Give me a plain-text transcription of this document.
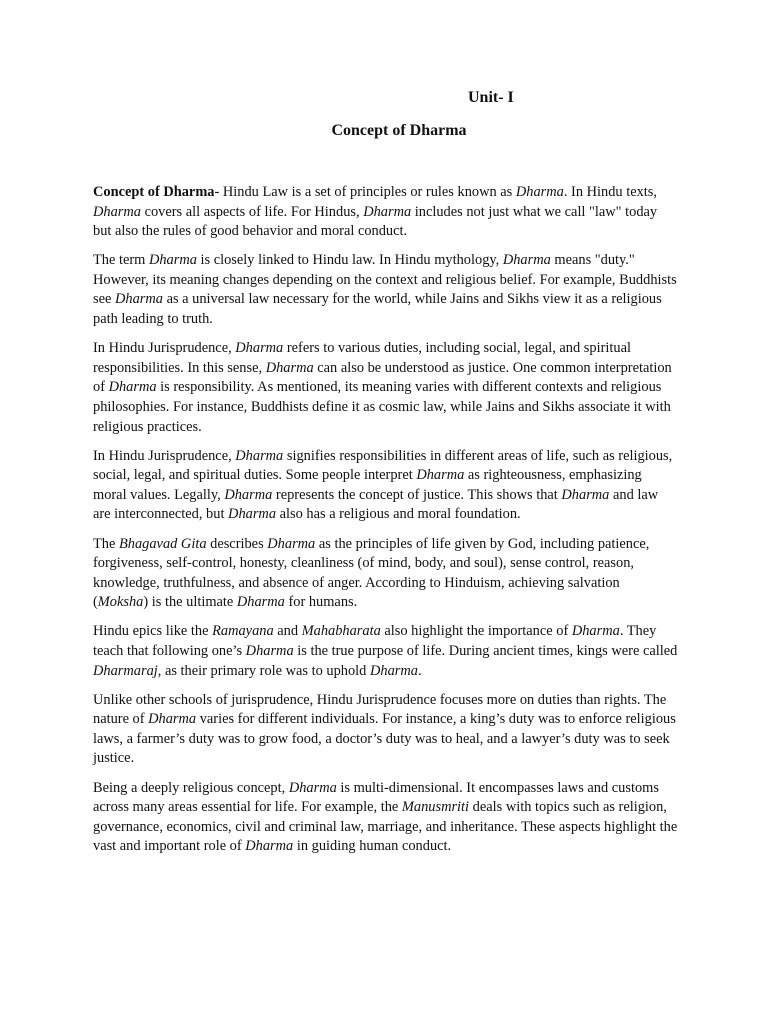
Unit- I
Concept of Dharma

Concept of Dharma- Hindu Law is a set of principles or rules known as Dharma. In Hindu texts, Dharma covers all aspects of life. For Hindus, Dharma includes not just what we call "law" today but also the rules of good behavior and moral conduct.

The term Dharma is closely linked to Hindu law. In Hindu mythology, Dharma means "duty." However, its meaning changes depending on the context and religious belief. For example, Buddhists see Dharma as a universal law necessary for the world, while Jains and Sikhs view it as a religious path leading to truth.

In Hindu Jurisprudence, Dharma refers to various duties, including social, legal, and spiritual responsibilities. In this sense, Dharma can also be understood as justice. One common interpretation of Dharma is responsibility. As mentioned, its meaning varies with different contexts and religious philosophies. For instance, Buddhists define it as cosmic law, while Jains and Sikhs associate it with religious practices.

In Hindu Jurisprudence, Dharma signifies responsibilities in different areas of life, such as religious, social, legal, and spiritual duties. Some people interpret Dharma as righteousness, emphasizing moral values. Legally, Dharma represents the concept of justice. This shows that Dharma and law are interconnected, but Dharma also has a religious and moral foundation.

The Bhagavad Gita describes Dharma as the principles of life given by God, including patience, forgiveness, self-control, honesty, cleanliness (of mind, body, and soul), sense control, reason, knowledge, truthfulness, and absence of anger. According to Hinduism, achieving salvation (Moksha) is the ultimate Dharma for humans.

Hindu epics like the Ramayana and Mahabharata also highlight the importance of Dharma. They teach that following one’s Dharma is the true purpose of life. During ancient times, kings were called Dharmaraj, as their primary role was to uphold Dharma.

Unlike other schools of jurisprudence, Hindu Jurisprudence focuses more on duties than rights. The nature of Dharma varies for different individuals. For instance, a king’s duty was to enforce religious laws, a farmer’s duty was to grow food, a doctor’s duty was to heal, and a lawyer’s duty was to seek justice.

Being a deeply religious concept, Dharma is multi-dimensional. It encompasses laws and customs across many areas essential for life. For example, the Manusmriti deals with topics such as religion, governance, economics, civil and criminal law, marriage, and inheritance. These aspects highlight the vast and important role of Dharma in guiding human conduct.
